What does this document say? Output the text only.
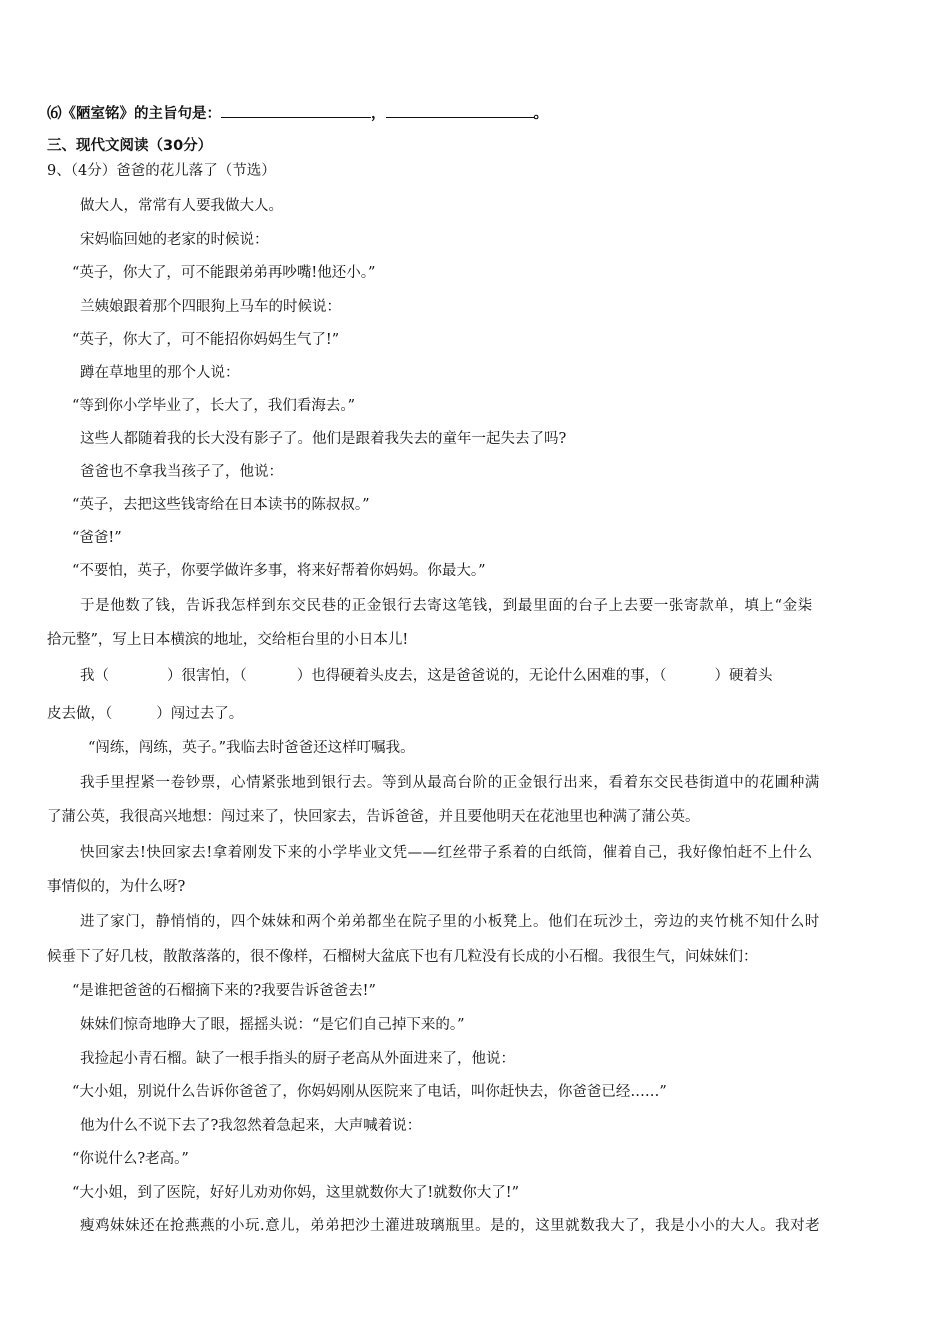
⑹《陋室铭》的主旨句是：	，	。
三、现代文阅读（30分）
9、（4分）爸爸的花儿落了（节选）
做大人，常常有人要我做大人。
宋妈临回她的老家的时候说：
“英子，你大了，可不能跟弟弟再吵嘴!他还小。”
兰姨娘跟着那个四眼狗上马车的时候说：
“英子，你大了，可不能招你妈妈生气了!”
蹲在草地里的那个人说：
“等到你小学毕业了，长大了，我们看海去。”
这些人都随着我的长大没有影子了。他们是跟着我失去的童年一起失去了吗?
爸爸也不拿我当孩子了，他说：
“英子，去把这些钱寄给在日本读书的陈叔叔。”
“爸爸!”
“不要怕，英子，你要学做许多事，将来好帮着你妈妈。你最大。”
于是他数了钱，告诉我怎样到东交民巷的正金银行去寄这笔钱，到最里面的台子上去要一张寄款单，填上“金柒
拾元整”，写上日本横滨的地址，交给柜台里的小日本儿!
我（	）很害怕，（	）也得硬着头皮去，这是爸爸说的，无论什么困难的事，（	）硬着头
皮去做，（	）闯过去了。
“闯练，闯练，英子。”我临去时爸爸还这样叮嘱我。
我手里捏紧一卷钞票，心情紧张地到银行去。等到从最高台阶的正金银行出来，看着东交民巷街道中的花圃种满
了蒲公英，我很高兴地想：闯过来了，快回家去，告诉爸爸，并且要他明天在花池里也种满了蒲公英。
快回家去!快回家去!拿着刚发下来的小学毕业文凭——红丝带子系着的白纸筒，催着自己，我好像怕赶不上什么
事情似的，为什么呀?
进了家门，静悄悄的，四个妹妹和两个弟弟都坐在院子里的小板凳上。他们在玩沙土，旁边的夹竹桃不知什么时
候垂下了好几枝，散散落落的，很不像样，石榴树大盆底下也有几粒没有长成的小石榴。我很生气，问妹妹们：
“是谁把爸爸的石榴摘下来的?我要告诉爸爸去!”
妹妹们惊奇地睁大了眼，摇摇头说：“是它们自己掉下来的。”
我捡起小青石榴。缺了一根手指头的厨子老高从外面进来了，他说：
“大小姐，别说什么告诉你爸爸了，你妈妈刚从医院来了电话，叫你赶快去，你爸爸已经……”
他为什么不说下去了?我忽然着急起来，大声喊着说：
“你说什么?老高。”
“大小姐，到了医院，好好儿劝劝你妈，这里就数你大了!就数你大了!”
瘦鸡妹妹还在抢燕燕的小玩.意儿，弟弟把沙土灌进玻璃瓶里。是的，这里就数我大了，我是小小的大人。我对老
